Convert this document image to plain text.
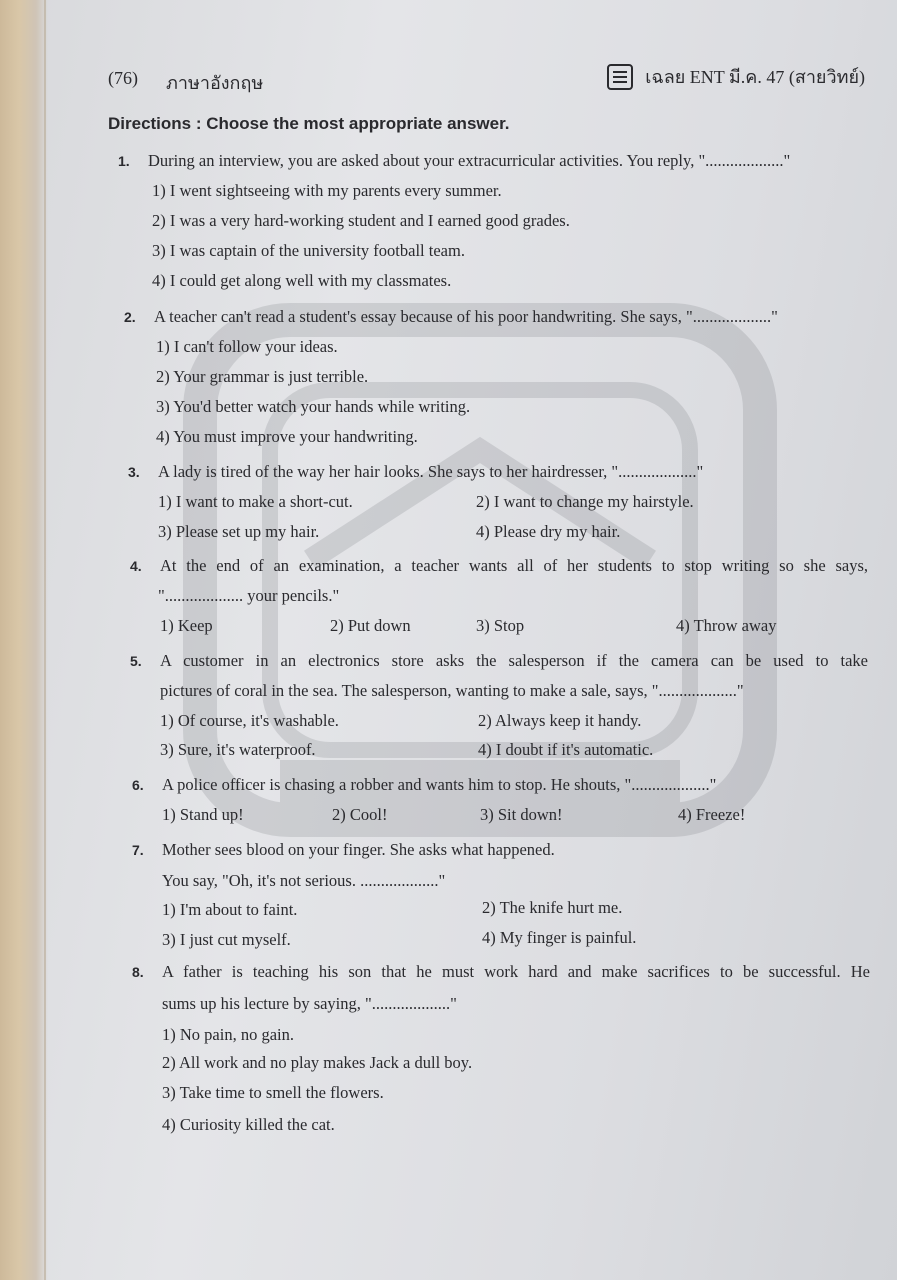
(76) ภาษาอังกฤษ	เฉลย ENT มี.ค. 47 (สายวิทย์)
Directions : Choose the most appropriate answer.
1. During an interview, you are asked about your extracurricular activities. You reply, "..................."
1) I went sightseeing with my parents every summer.
2) I was a very hard-working student and I earned good grades.
3) I was captain of the university football team.
4) I could get along well with my classmates.
2. A teacher can't read a student's essay because of his poor handwriting. She says, "..................."
1) I can't follow your ideas.
2) Your grammar is just terrible.
3) You'd better watch your hands while writing.
4) You must improve your handwriting.
3. A lady is tired of the way her hair looks. She says to her hairdresser, "..................."
1) I want to make a short-cut.	2) I want to change my hairstyle.
3) Please set up my hair.	4) Please dry my hair.
4. At the end of an examination, a teacher wants all of her students to stop writing so she says,
"................... your pencils."
1) Keep	2) Put down	3) Stop	4) Throw away
5. A customer in an electronics store asks the salesperson if the camera can be used to take
pictures of coral in the sea. The salesperson, wanting to make a sale, says, "..................."
1) Of course, it's washable.	2) Always keep it handy.
3) Sure, it's waterproof.	4) I doubt if it's automatic.
6. A police officer is chasing a robber and wants him to stop. He shouts, "..................."
1) Stand up!	2) Cool!	3) Sit down!	4) Freeze!
7. Mother sees blood on your finger. She asks what happened.
You say, "Oh, it's not serious. ..................."
1) I'm about to faint.	2) The knife hurt me.
3) I just cut myself.	4) My finger is painful.
8. A father is teaching his son that he must work hard and make sacrifices to be successful. He
sums up his lecture by saying, "..................."
1) No pain, no gain.
2) All work and no play makes Jack a dull boy.
3) Take time to smell the flowers.
4) Curiosity killed the cat.
